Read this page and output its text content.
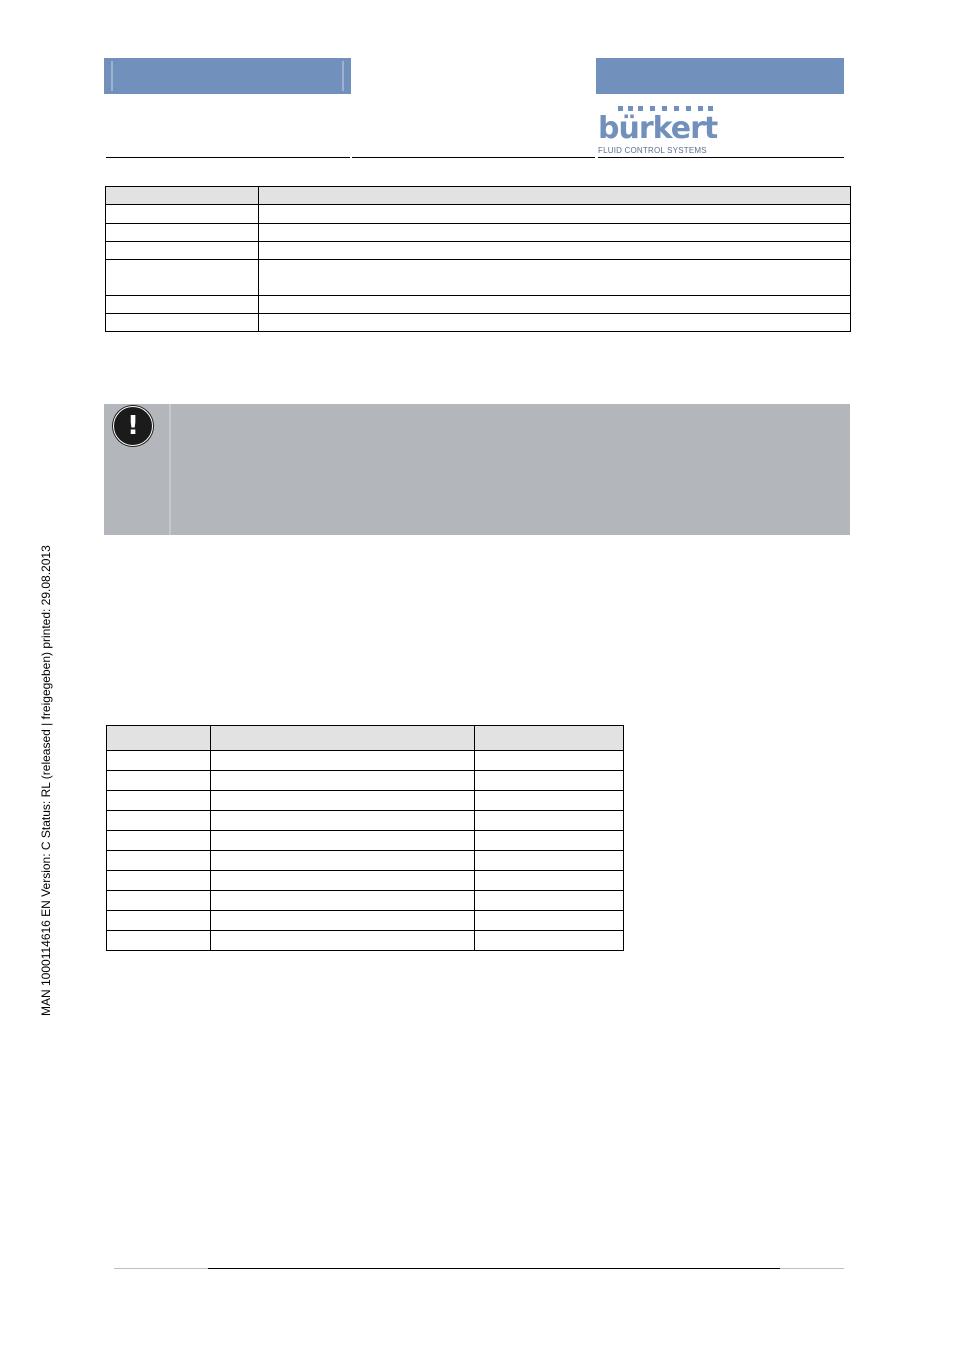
bürkert
FLUID CONTROL SYSTEMS

!

MAN 1000114616 EN Version: C Status: RL (released | freigegeben) printed: 29.08.2013
